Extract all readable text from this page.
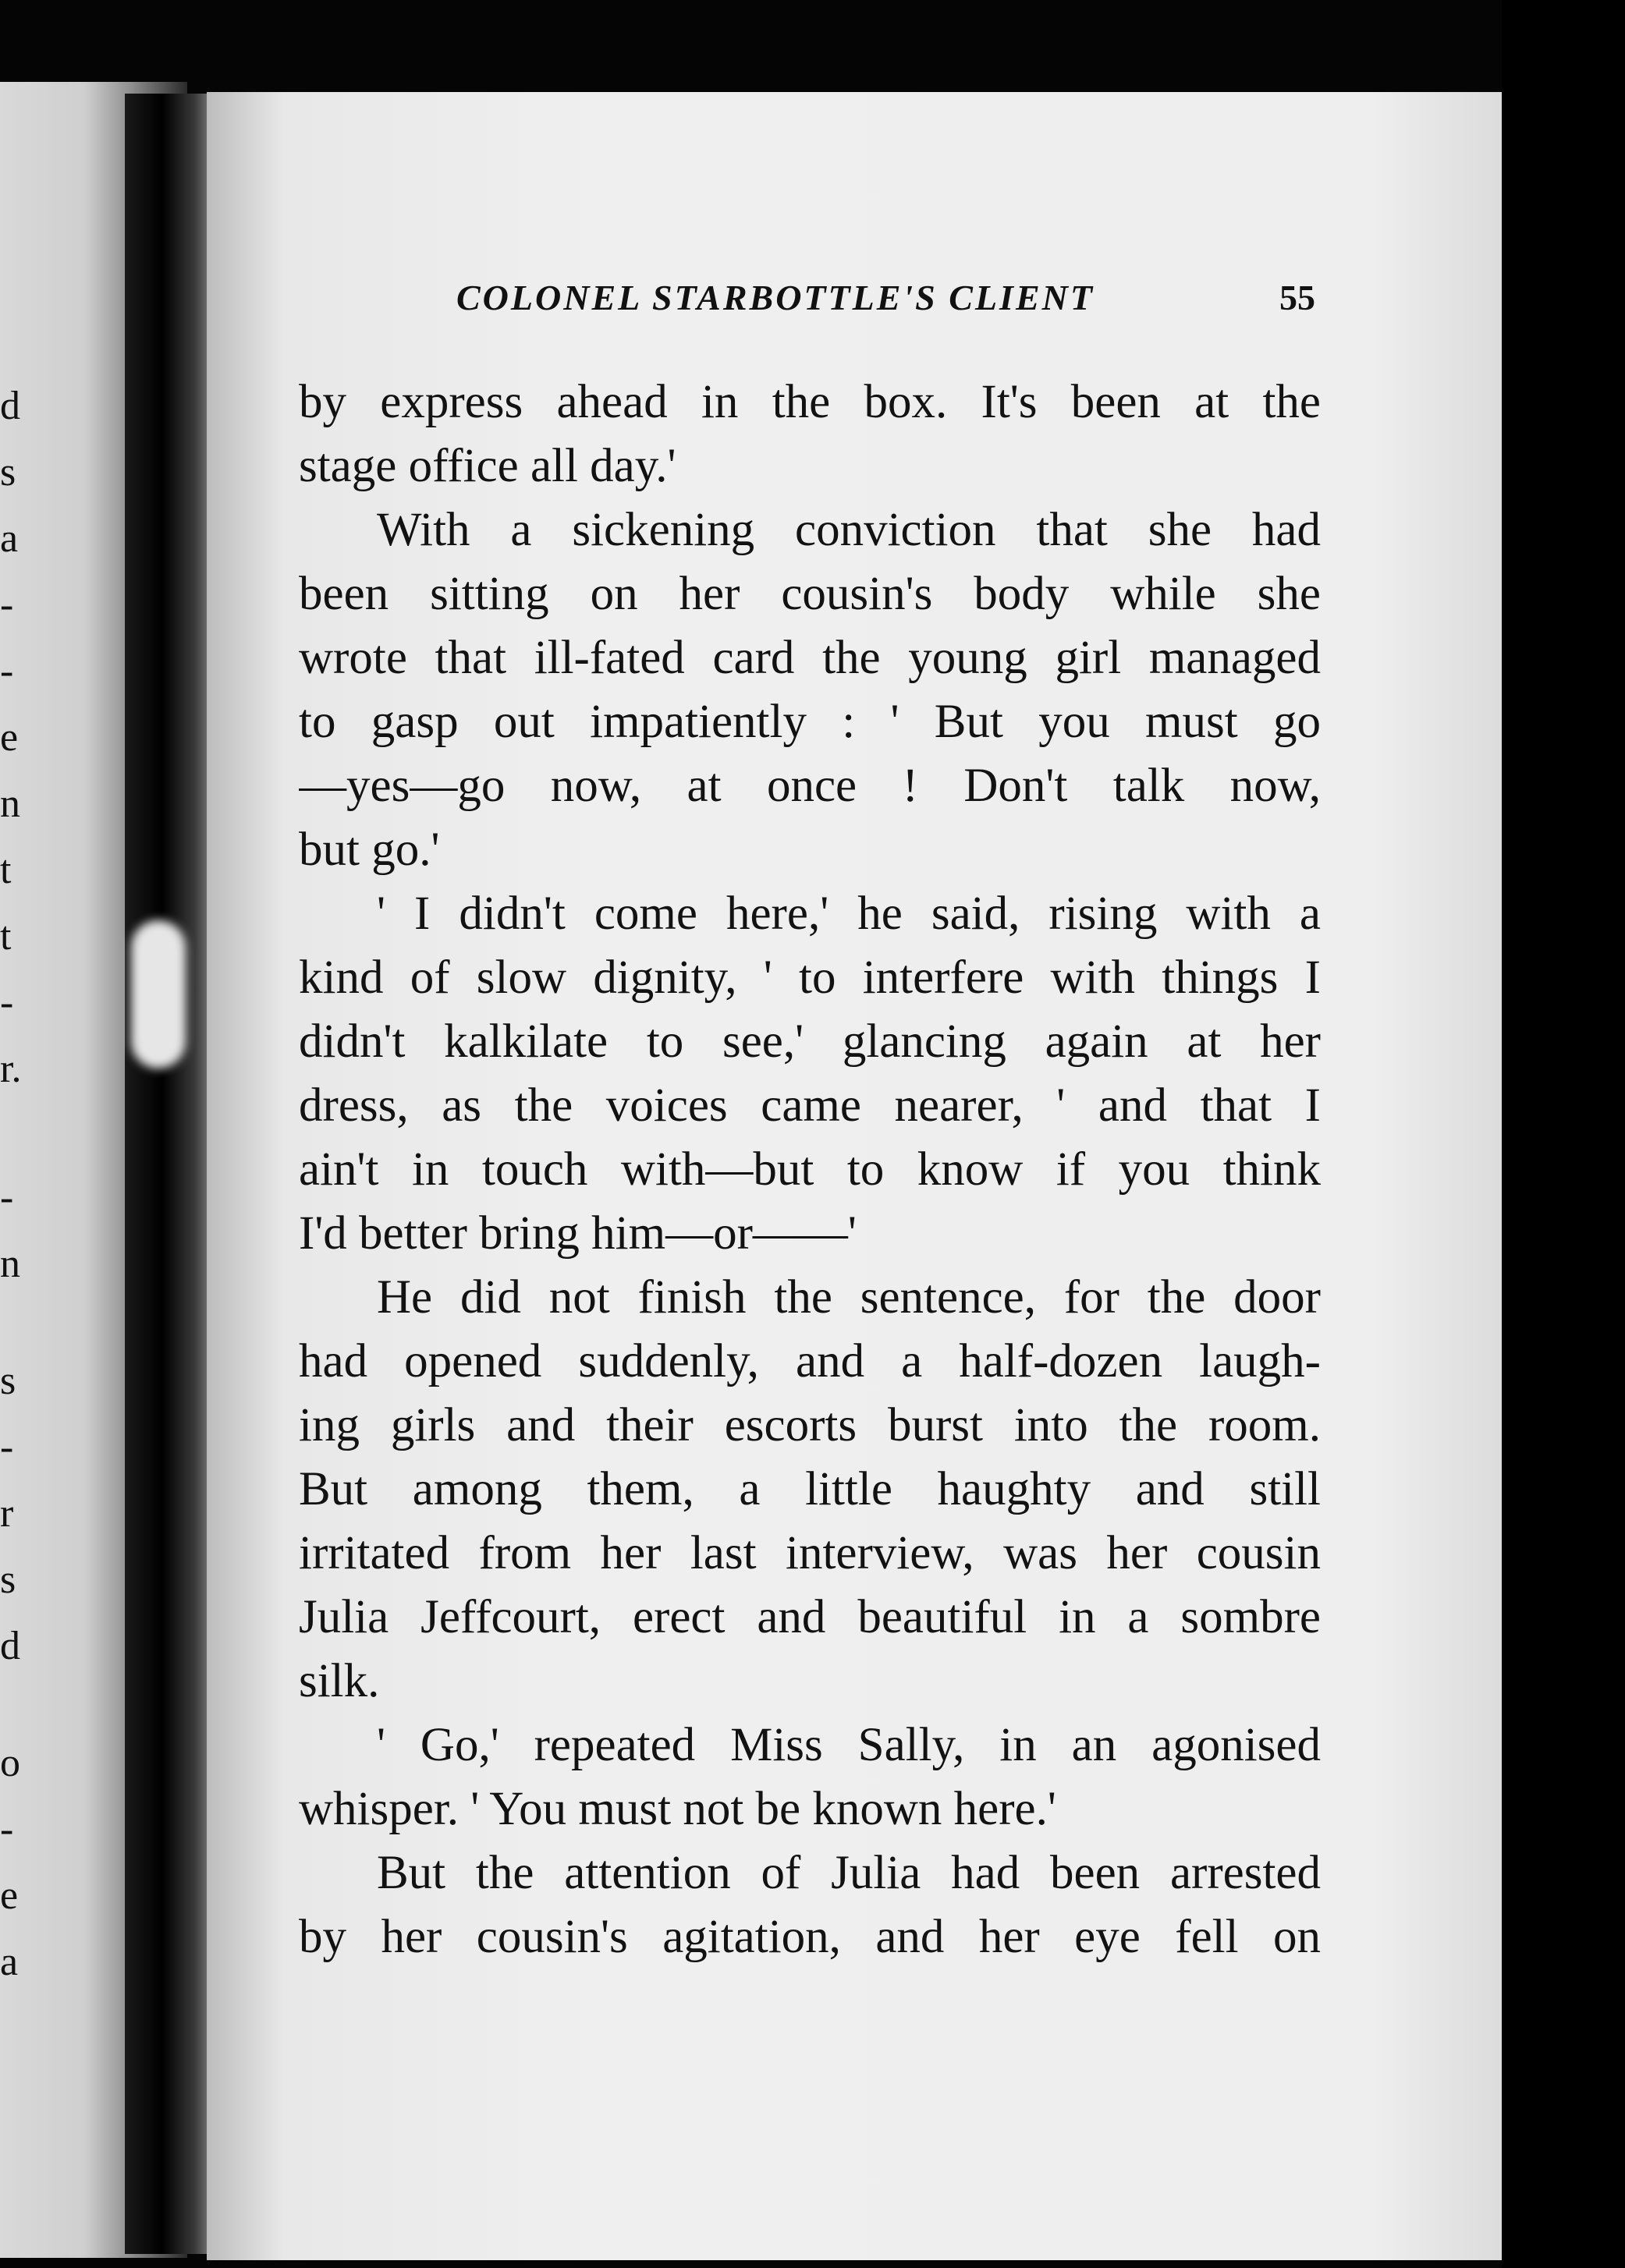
d
s
a
-
-
e
n
t
t
-
r.
-
n
s
-
r
s
d
o
-
e
a
COLONEL STARBOTTLE'S CLIENT	55
by express ahead in the box. It's been at the
stage office all day.'
With a sickening conviction that she had
been sitting on her cousin's body while she
wrote that ill-fated card the young girl managed
to gasp out impatiently : ' But you must go
—yes—go now, at once ! Don't talk now,
but go.'
' I didn't come here,' he said, rising with a
kind of slow dignity, ' to interfere with things I
didn't kalkilate to see,' glancing again at her
dress, as the voices came nearer, ' and that I
ain't in touch with—but to know if you think
I'd better bring him—or——'
He did not finish the sentence, for the door
had opened suddenly, and a half-dozen laugh-
ing girls and their escorts burst into the room.
But among them, a little haughty and still
irritated from her last interview, was her cousin
Julia Jeffcourt, erect and beautiful in a sombre
silk.
' Go,' repeated Miss Sally, in an agonised
whisper. ' You must not be known here.'
But the attention of Julia had been arrested
by her cousin's agitation, and her eye fell on
